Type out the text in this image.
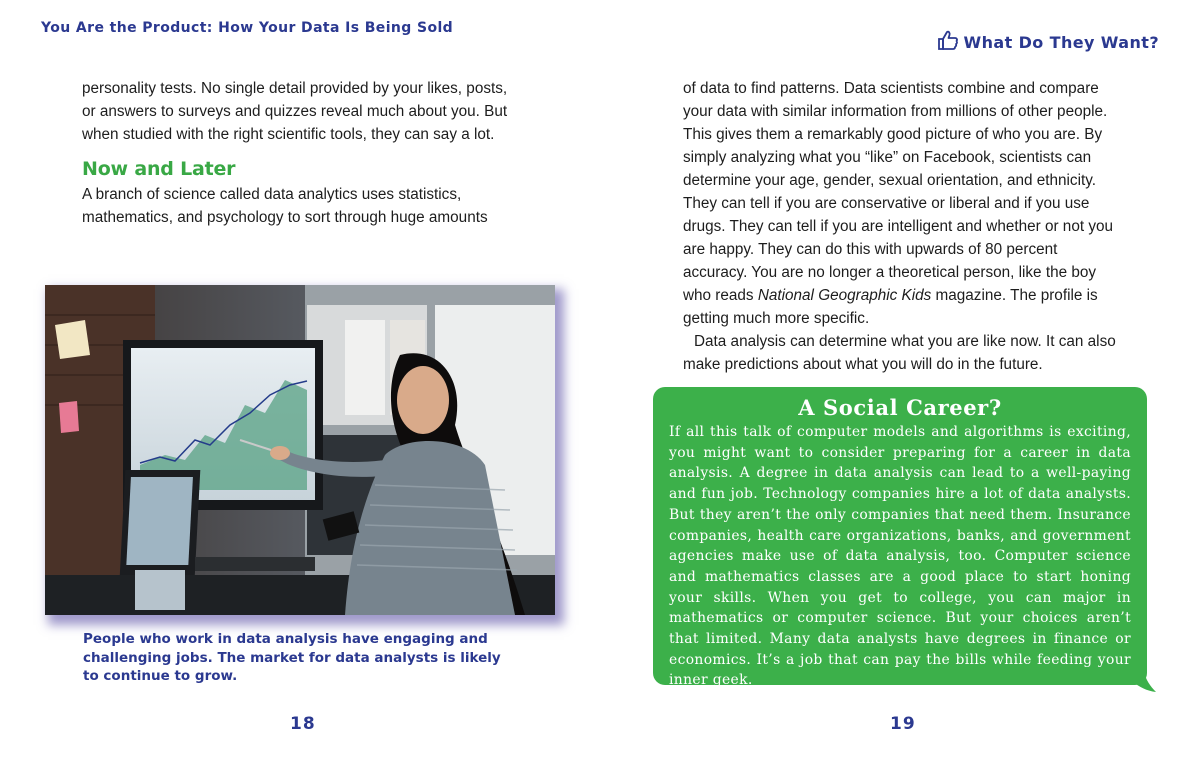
You Are the Product: How Your Data Is Being Sold
What Do They Want?

personality tests. No single detail provided by your likes, posts, or answers to surveys and quizzes reveal much about you. But when studied with the right scientific tools, they can say a lot.

Now and Later

A branch of science called data analytics uses statistics, mathematics, and psychology to sort through huge amounts

People who work in data analysis have engaging and challenging jobs. The market for data analysts is likely to continue to grow.
18

of data to find patterns. Data scientists combine and compare your data with similar information from millions of other people. This gives them a remarkably good picture of who you are. By simply analyzing what you “like” on Facebook, scientists can determine your age, gender, sexual orientation, and ethnicity. They can tell if you are conservative or liberal and if you use drugs. They can tell if you are intelligent and whether or not you are happy. They can do this with upwards of 80 percent accuracy. You are no longer a theoretical person, like the boy who reads National Geographic Kids magazine. The profile is getting much more specific.

Data analysis can determine what you are like now. It can also make predictions about what you will do in the future.

A Social Career?
If all this talk of computer models and algorithms is exciting, you might want to consider preparing for a career in data analysis. A degree in data analysis can lead to a well-paying and fun job. Technology companies hire a lot of data analysts. But they aren’t the only companies that need them. Insurance companies, health care organizations, banks, and government agencies make use of data analysis, too. Computer science and mathematics classes are a good place to start honing your skills. When you get to college, you can major in mathematics or computer science. But your choices aren’t that limited. Many data analysts have degrees in finance or economics. It’s a job that can pay the bills while feeding your inner geek.
19
